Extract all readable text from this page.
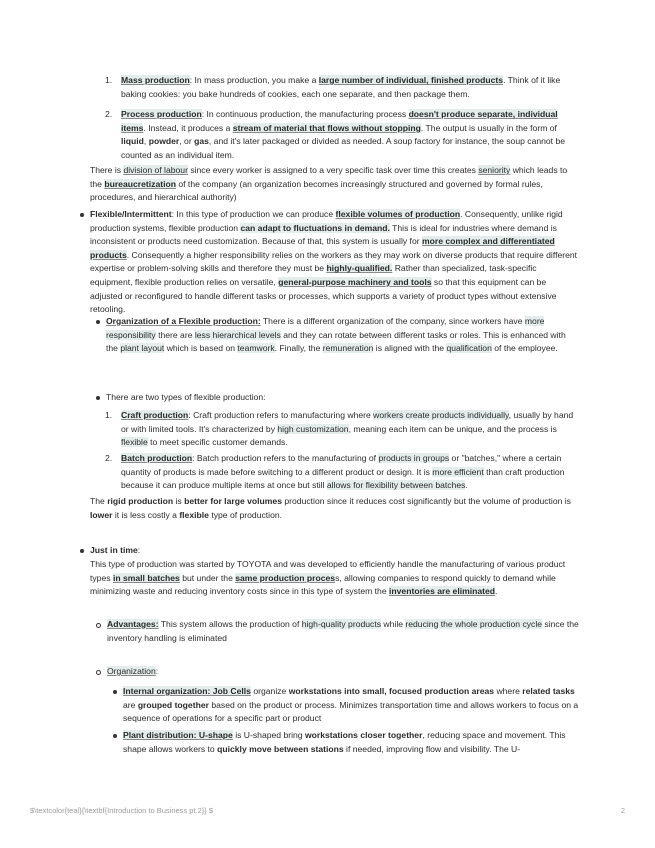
1. Mass production: In mass production, you make a large number of individual, finished products. Think of it like baking cookies: you bake hundreds of cookies, each one separate, and then package them.

2. Process production: In continuous production, the manufacturing process doesn't produce separate, individual items. Instead, it produces a stream of material that flows without stopping. The output is usually in the form of liquid, powder, or gas, and it's later packaged or divided as needed. A soup factory for instance, the soup cannot be counted as an individual item.

There is division of labour since every worker is assigned to a very specific task over time this creates seniority which leads to the bureaucretization of the company (an organization becomes increasingly structured and governed by formal rules, procedures, and hierarchical authority)

Flexible/Intermittent: In this type of production we can produce flexible volumes of production. Consequently, unlike rigid production systems, flexible production can adapt to fluctuations in demand. This is ideal for industries where demand is inconsistent or products need customization. Because of that, this system is usually for more complex and differentiated products. Consequently a higher responsibility relies on the workers as they may work on diverse products that require different expertise or problem-solving skills and therefore they must be highly-qualified. Rather than specialized, task-specific equipment, flexible production relies on versatile, general-purpose machinery and tools so that this equipment can be adjusted or reconfigured to handle different tasks or processes, which supports a variety of product types without extensive retooling.

Organization of a Flexible production: There is a different organization of the company, since workers have more responsibility there are less hierarchical levels and they can rotate between different tasks or roles. This is enhanced with the plant layout which is based on teamwork. Finally, the remuneration is aligned with the qualification of the employee.

There are two types of flexible production:

1. Craft production: Craft production refers to manufacturing where workers create products individually, usually by hand or with limited tools. It's characterized by high customization, meaning each item can be unique, and the process is flexible to meet specific customer demands.

2. Batch production: Batch production refers to the manufacturing of products in groups or "batches," where a certain quantity of products is made before switching to a different product or design. It is more efficient than craft production because it can produce multiple items at once but still allows for flexibility between batches.

The rigid production is better for large volumes production since it reduces cost significantly but the volume of production is lower it is less costly a flexible type of production.

Just in time:

This type of production was started by TOYOTA and was developed to efficiently handle the manufacturing of various product types in small batches but under the same production process, allowing companies to respond quickly to demand while minimizing waste and reducing inventory costs since in this type of system the inventories are eliminated.

Advantages: This system allows the production of high-quality products while reducing the whole production cycle since the inventory handling is eliminated

Organization:

Internal organization: Job Cells organize workstations into small, focused production areas where related tasks are grouped together based on the product or process. Minimizes transportation time and allows workers to focus on a sequence of operations for a specific part or product

Plant distribution: U-shape is U-shaped bring workstations closer together, reducing space and movement. This shape allows workers to quickly move between stations if needed, improving flow and visibility. The U-

$\textcolor{teal}{\textbf{Introduction to Business pt.2}} $	2
